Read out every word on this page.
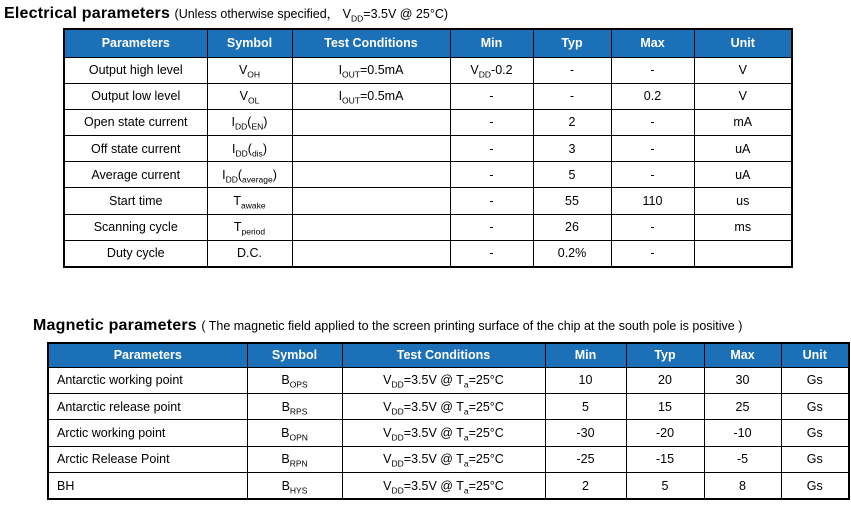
Electrical parameters (Unless otherwise specified， $V_{DD}=3.5V$ @ 25°C)
Parameters	Symbol	Test Conditions	Min	Typ	Max	Unit
Output high level	$V_{OH}$	$I_{OUT}=0.5mA$	$V_{DD}-0.2$	-	-	V
Output low level	$V_{OL}$	$I_{OUT}=0.5mA$	-	-	0.2	V
Open state current	$I_{DD}(_{EN})$		-	2	-	mA
Off state current	$I_{DD}(_{dis})$		-	3	-	uA
Average current	$I_{DD}(_{average})$		-	5	-	uA
Start time	$T_{awake}$		-	55	110	us
Scanning cycle	$T_{period}$		-	26	-	ms
Duty cycle	D.C.		-	0.2%	-	
Magnetic parameters ( The magnetic field applied to the screen printing surface of the chip at the south pole is positive )
Parameters	Symbol	Test Conditions	Min	Typ	Max	Unit
Antarctic working point	$B_{OPS}$	$V_{DD}=3.5V$ @ $T_a=25^\circ C$	10	20	30	Gs
Antarctic release point	$B_{RPS}$	$V_{DD}=3.5V$ @ $T_a=25^\circ C$	5	15	25	Gs
Arctic working point	$B_{OPN}$	$V_{DD}=3.5V$ @ $T_a=25^\circ C$	-30	-20	-10	Gs
Arctic Release Point	$B_{RPN}$	$V_{DD}=3.5V$ @ $T_a=25^\circ C$	-25	-15	-5	Gs
BH	$B_{HYS}$	$V_{DD}=3.5V$ @ $T_a=25^\circ C$	2	5	8	Gs
